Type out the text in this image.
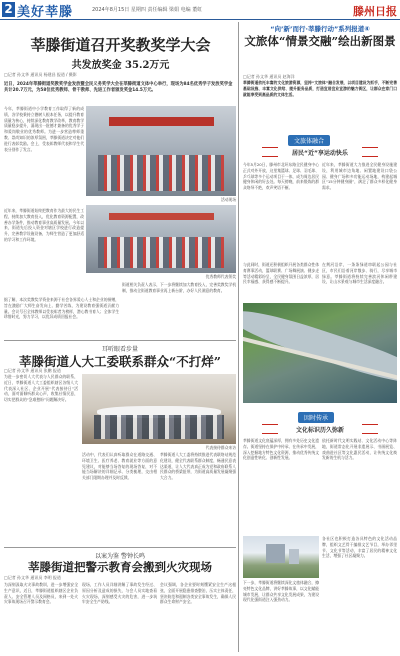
2 美好莘滕	2024年8月15日 星期四 责任编辑 梁娟 电编 董虹	滕州日报
莘滕街道召开奖教奖学大会
共发放奖金 35.2万元
□记者 孙文华 通讯员 杨建昌 报道 / 摄影
近日，2024年莘滕街道奖教奖学金发放暨全民义务奖学大会在莘滕街道文体中心举行，现场为84名优秀学子发放奖学金共计20.7万元，为58位优秀教师、骨干教师、先进工作者颁发奖金14.5万元。
今年，莘滕街道中小学教育工作取得了新的成绩，各学校秉持立德树人根本任务，以提升教育质量为核心，持续深化教育教学改革，教育教学质量稳步提升，涌现出一批德才兼备的优秀学子和爱岗敬业的优秀教师。为进一步营造尊师重教、崇尚知识的浓厚氛围，莘滕街道决定对他们进行表彰奖励。会上，受表彰教师代表和学生代表分别作了发言。
活动现场
近年来，莘滕街道始终把教育作为最大的民生工程，持续加大教育投入，优化教育资源配置，改善办学条件，推动教育事业高质量发展。今年以来，街道先后投入资金对辖区学校进行改造提升，完善教学设施设备，为师生营造了更加舒适的学习和工作环境。
优秀教师代表领奖
据了解，本次奖教奖学资金来源于社会各界爱心人士和企业的捐赠，旨在激励广大师生奋发向上、勤学苦练，为建设教育强街道贡献力量。会议号召全体教师以受表彰者为榜样，潜心教书育人；全体学生珍惜时光，努力学习，以优异成绩回报社会。
街道相关负责人表示，下一步将继续加大教育投入，完善奖教奖学机制，推动全街道教育事业再上新台阶，办好人民满意的教育。
耳听眼看步量
莘滕街道人大工委联系群众“不打烊”
□记者 孙文华 通讯员 张鹏 报道
为进一步密切人大代表与人民群众的联系，近日，莘滕街道人大工委组织辖区各级人大代表深入社区、企业开展“代表接待日”活动，面对面倾听群众心声，收集社情民意，切实把群众的“急难愁盼”问题解决好。
代表接待群众来访
活动中，代表们认真听取群众在道路交通、环境卫生、医疗养老、教育就业等方面的意见建议，对能够当场答复的现场答复，对不能当场解决的详细记录、分类梳理，交由相关部门限期办理并及时反馈。
莘滕街道人大工委将持续推进代表联络站规范化建设，健全代表联系群众制度，畅通民意表达渠道，让人大代表真正成为党和政府联系人民群众的桥梁纽带，为街道高质量发展凝聚强大合力。
以案为鉴 警钟长鸣
莘滕街道把警示教育会搬到火灾现场
□记者 孙文华 通讯员 李明 报道
为深刻汲取火灾事故教训，进一步增强安全生产意识，近日，莘滕街道组织辖区企业负责人、安全管理人员及网格员，来到一处火灾事故现场召开警示教育会。
现场，工作人员详细讲解了事故发生经过、原因分析及造成的损失，与会人员实地查看火灾现场，深刻感受火灾的危害，进一步筑牢安全生产防线。
会议强调，各企业要时刻绷紧安全生产这根弦，全面开展隐患排查整治，压实主体责任，坚决防范和遏制各类安全事故发生，确保人民群众生命财产安全。
“向’新’而行·莘滕行动”系列报道④
文旅体“情景交融”绘出新图景
□记者 孙文华 通讯员 赵海洋
莘滕街道依托丰富的文化旅游资源，坚持“文旅体”融合发展，以项目建设为抓手，不断完善基础设施、丰富文化供给、提升服务品质，打造宜居宜业宜游的魅力街区，让群众在家门口就能享受到高品质的文体生活。
文旅体融合
居民“近”享运动快乐
今年5月20日，滕州市北环东路全民健身中心正式对外开放，这里集篮球、足球、羽毛球、乒乓球等多个运动项目于一体，成为周边居民健身休闲的好去处。每天傍晚，前来锻炼的群众络绎不绝，欢声笑语不断。
近年来，莘滕街道大力推进全民健身设施建设，利用城市边角地、闲置地建设口袋公园、健身广场和多功能运动场地，构建起城区“15分钟健身圈”，满足了群众多样化健身需求。
与此同时，街道还积极组织开展各类群众性体育赛事活动，篮球联赛、广场舞展演、健步走等活动精彩纷呈，全民健身氛围日益浓厚，居民幸福感、获得感不断提升。
在荆河沿岸，一条条绿道串联起公园与社区，市民们沿着河岸散步、骑行，尽享城市绿意。莘滕街道将持续完善滨河休闲带建设，让山水景观与城市生活深度融合。
因时传承
文化标识历久弥新
莘滕街道文化底蕴深厚，拥有多处历史文化遗存。街道坚持在保护中传承、在传承中发展，深入挖掘地方特色文化资源，推动优秀传统文化创造性转化、创新性发展。
依托新时代文明实践站、文化活动中心等阵地，街道常态化开展非遗展示、书画展览、戏曲进社区等文化惠民活动，让传统文化焕发新的生机与活力。
下一步，莘滕街道将继续深化文旅体融合，擦亮特色文化品牌，讲好莘滕故事，以文化赋能城市发展，让群众共享文化发展成果，为建设现代化强街道注入强劲动力。
各社区也积极打造各具特色的文化活动品牌，组织文艺骨干编排文艺节目，举办邻里节、文化节等活动，丰富了居民的精神文化生活，增强了社区凝聚力。
